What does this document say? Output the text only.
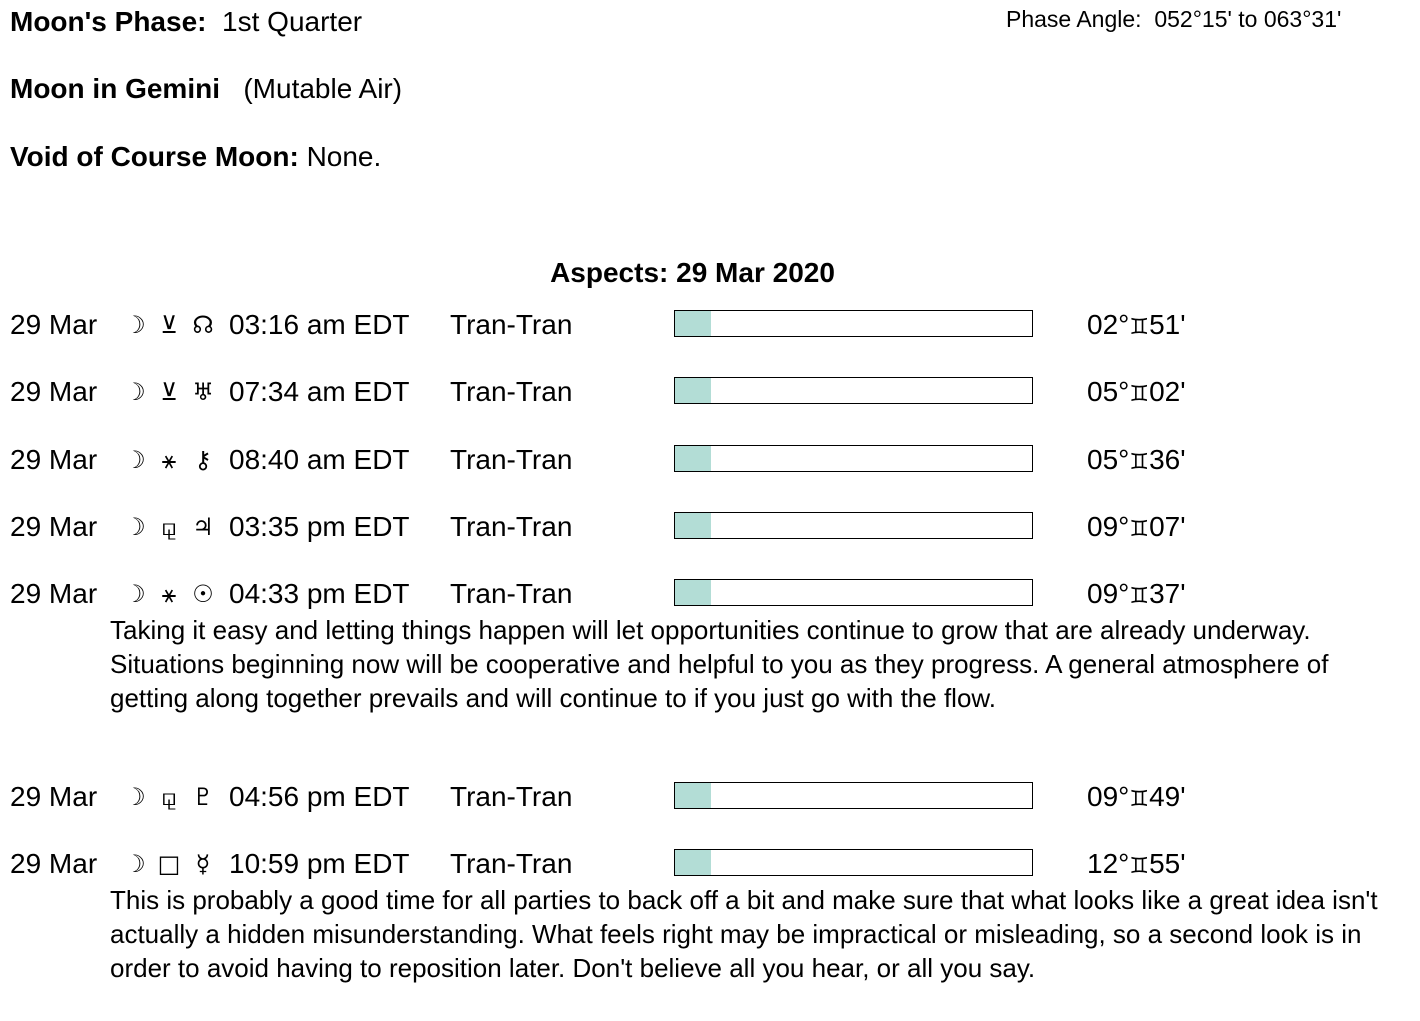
Moon's Phase: 1st Quarter	Phase Angle: 052°15' to 063°31'
Moon in Gemini (Mutable Air)
Void of Course Moon: None.
Aspects: 29 Mar 2020
29 Mar ☽ ⊻ ☊ 03:16 am EDT Tran-Tran	02°♊51'
29 Mar ☽ ⊻ ♅ 07:34 am EDT Tran-Tran	05°♊02'
29 Mar ☽ ⚹ ⚷ 08:40 am EDT Tran-Tran	05°♊36'
29 Mar ☽ ⚼ ♃ 03:35 pm EDT Tran-Tran	09°♊07'
29 Mar ☽ ⚹ ☉ 04:33 pm EDT Tran-Tran	09°♊37'
Taking it easy and letting things happen will let opportunities continue to grow that are already underway. Situations beginning now will be cooperative and helpful to you as they progress. A general atmosphere of getting along together prevails and will continue to if you just go with the flow.
29 Mar ☽ ⚼ ♇ 04:56 pm EDT Tran-Tran	09°♊49'
29 Mar ☽ □ ☿ 10:59 pm EDT Tran-Tran	12°♊55'
This is probably a good time for all parties to back off a bit and make sure that what looks like a great idea isn't actually a hidden misunderstanding. What feels right may be impractical or misleading, so a second look is in order to avoid having to reposition later. Don't believe all you hear, or all you say.
